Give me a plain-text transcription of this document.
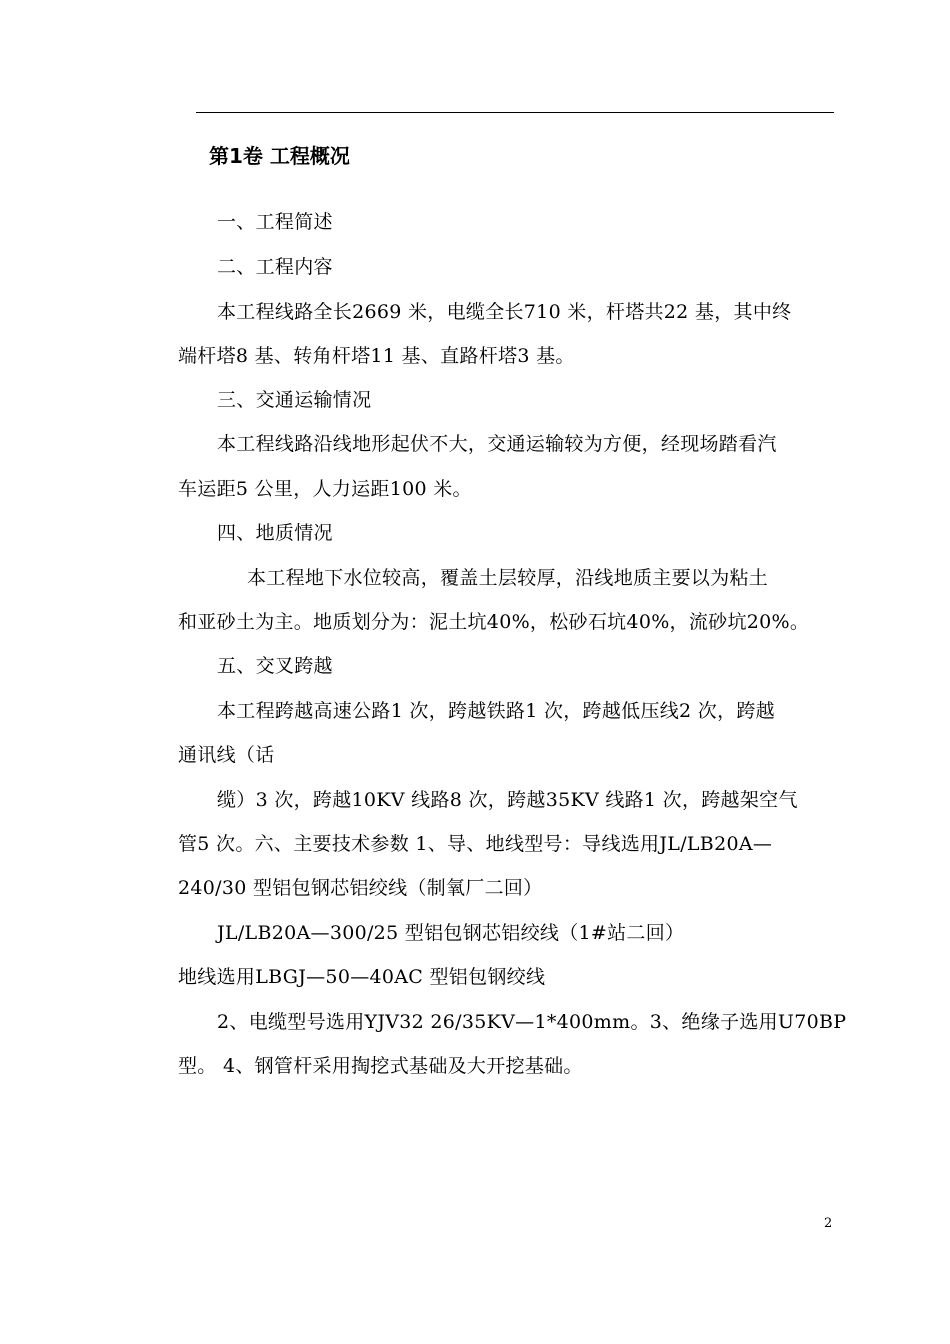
第1卷 工程概况

一、工程简述

二、工程内容

本工程线路全长2669 米，电缆全长710 米，杆塔共22 基，其中终

端杆塔8 基、转角杆塔11 基、直路杆塔3 基。

三、交通运输情况

本工程线路沿线地形起伏不大，交通运输较为方便，经现场踏看汽

车运距5 公里，人力运距100 米。

四、地质情况

本工程地下水位较高，覆盖土层较厚，沿线地质主要以为粘土

和亚砂土为主。地质划分为：泥土坑40%，松砂石坑40%，流砂坑20%。

五、交叉跨越

本工程跨越高速公路1 次，跨越铁路1 次，跨越低压线2 次，跨越

通讯线（话

缆）3 次，跨越10KV 线路8 次，跨越35KV 线路1 次，跨越架空气

管5 次。六、主要技术参数 1、导、地线型号：导线选用JL/LB20A—

240/30 型铝包钢芯铝绞线（制氧厂二回）

JL/LB20A—300/25 型铝包钢芯铝绞线（1#站二回）

地线选用LBGJ—50—40AC 型铝包钢绞线

2、电缆型号选用YJV32 26/35KV—1*400mm。3、绝缘子选用U70BP

型。 4、钢管杆采用掏挖式基础及大开挖基础。

2
